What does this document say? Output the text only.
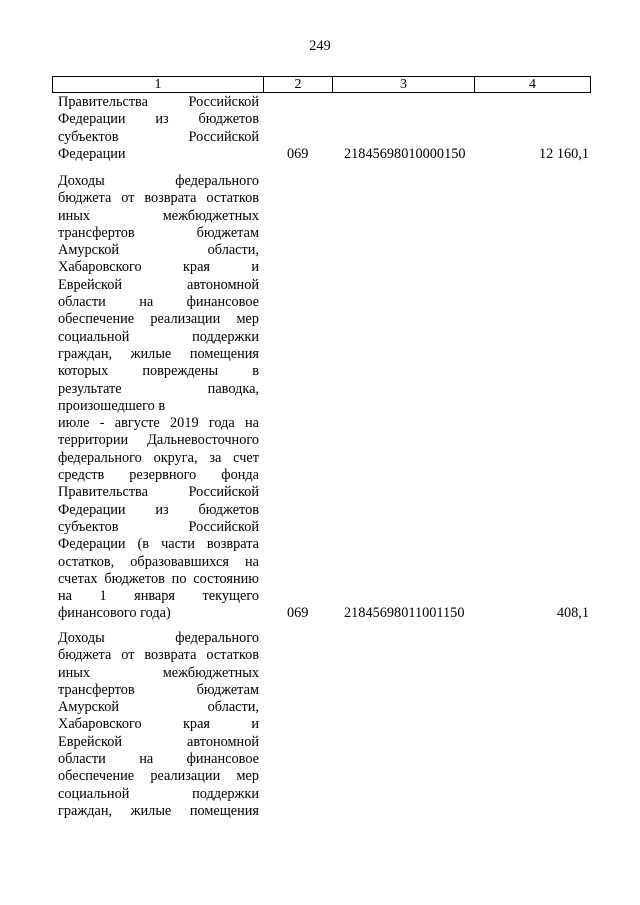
249
1	2	3	4
Правительства Российской
Федерации из бюджетов
субъектов Российской
Федерации	069	21845698010000150	12 160,1
Доходы федерального
бюджета от возврата остатков
иных межбюджетных
трансфертов бюджетам
Амурской области,
Хабаровского края и
Еврейской автономной
области на финансовое
обеспечение реализации мер
социальной поддержки
граждан, жилые помещения
которых повреждены в
результате паводка,
произошедшего в
июле - августе 2019 года на
территории Дальневосточного
федерального округа, за счет
средств резервного фонда
Правительства Российской
Федерации из бюджетов
субъектов Российской
Федерации (в части возврата
остатков, образовавшихся на
счетах бюджетов по состоянию
на 1 января текущего
финансового года)	069	21845698011001150	408,1
Доходы федерального
бюджета от возврата остатков
иных межбюджетных
трансфертов бюджетам
Амурской области,
Хабаровского края и
Еврейской автономной
области на финансовое
обеспечение реализации мер
социальной поддержки
граждан, жилые помещения
